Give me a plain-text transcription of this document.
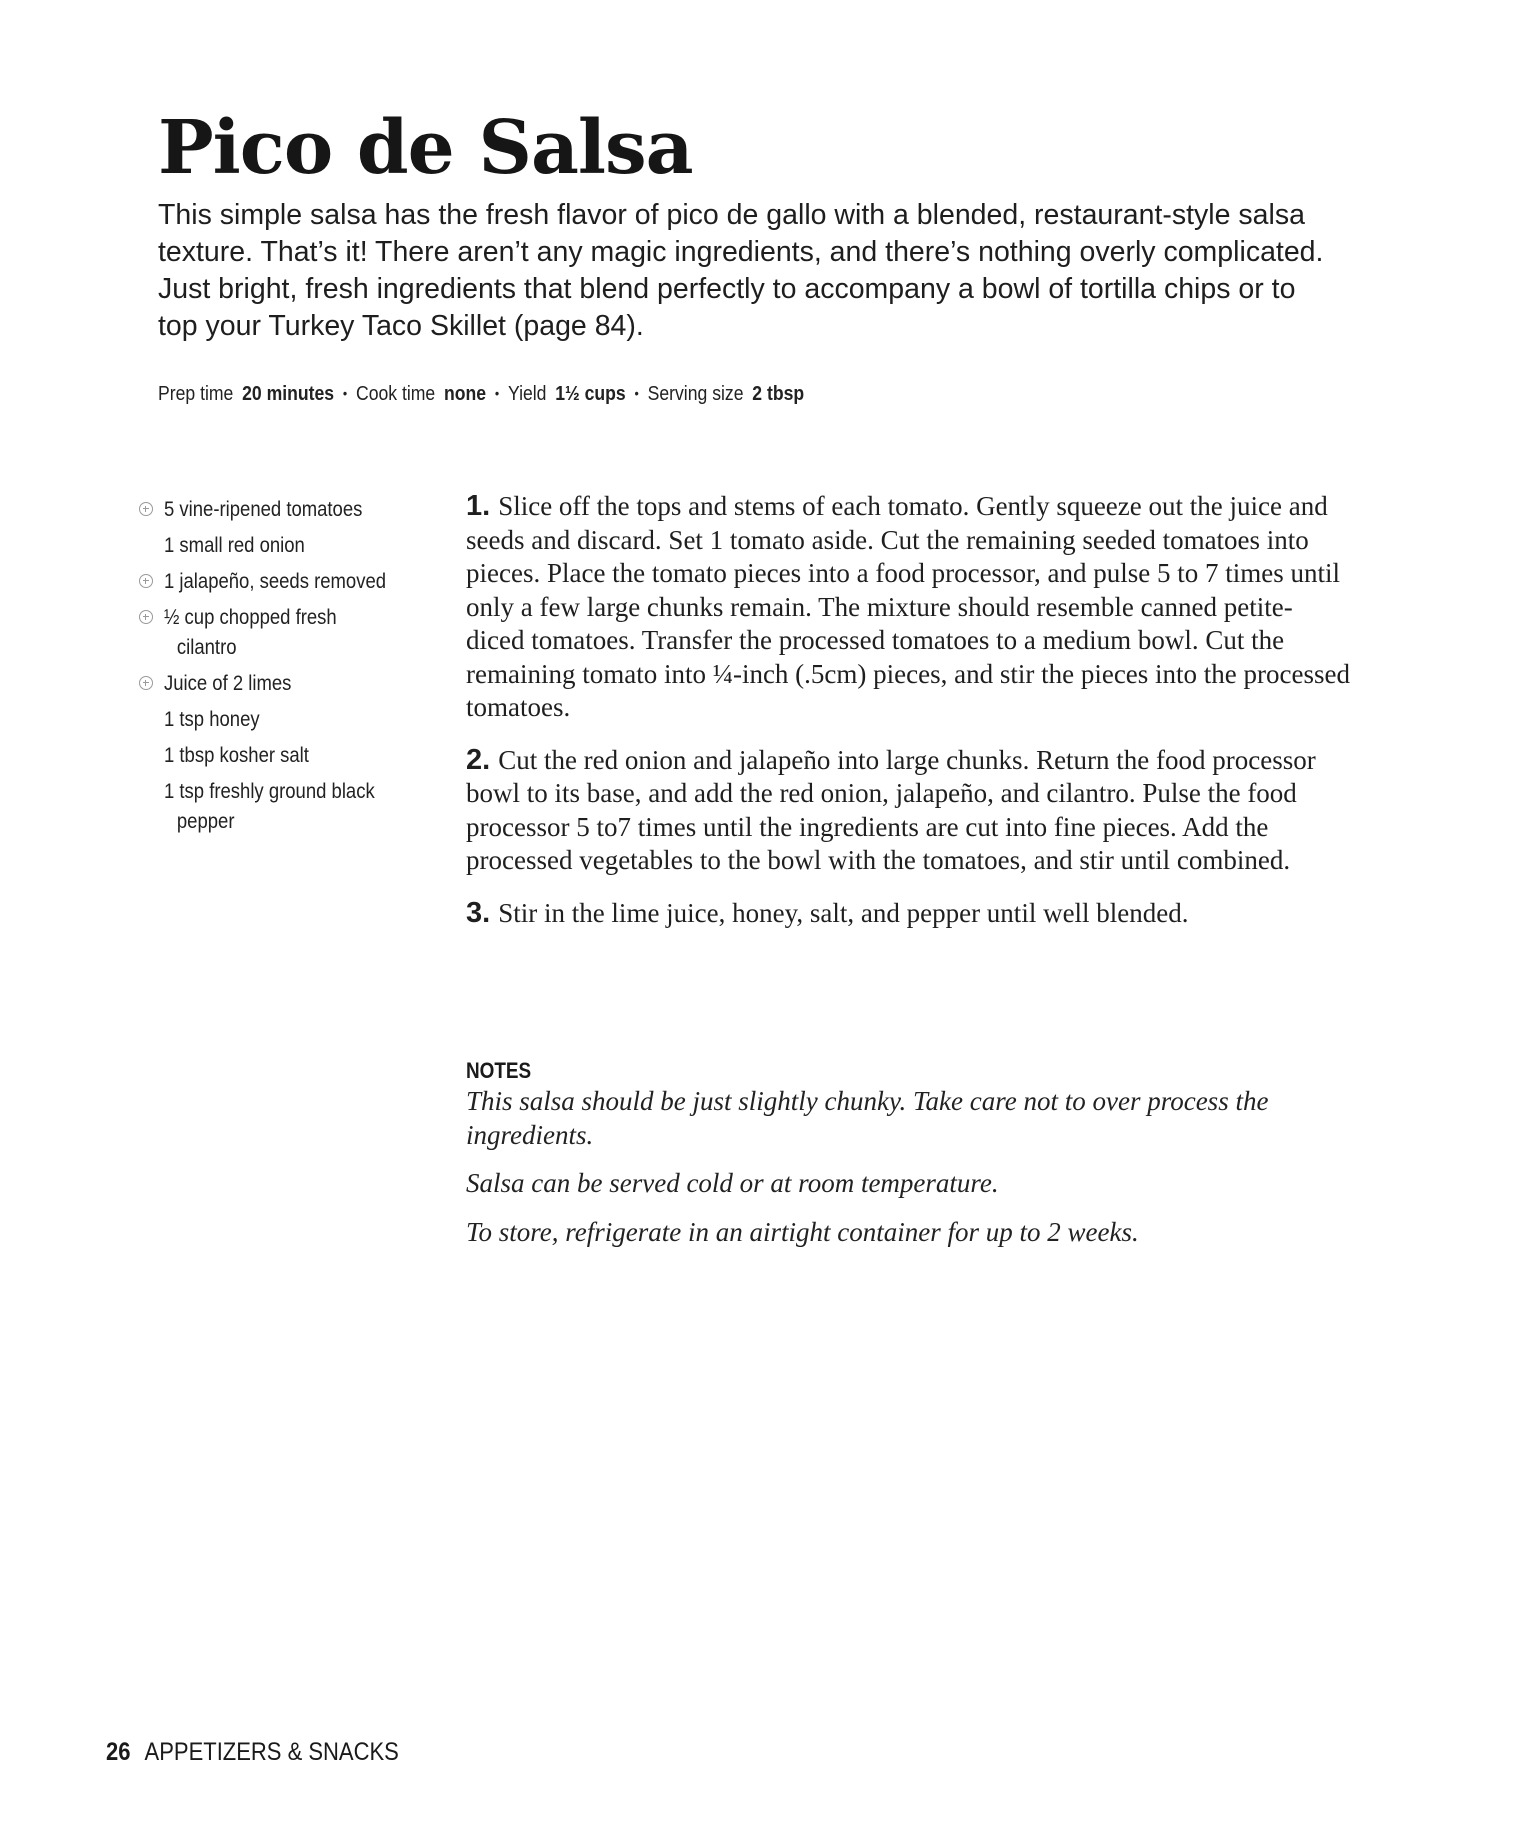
Pico de Salsa

This simple salsa has the fresh flavor of pico de gallo with a blended, restaurant-style salsa texture. That’s it! There aren’t any magic ingredients, and there’s nothing overly complicated. Just bright, fresh ingredients that blend perfectly to accompany a bowl of tortilla chips or to top your Turkey Taco Skillet (page 84).

Prep time 20 minutes • Cook time none • Yield 1½ cups • Serving size 2 tbsp

5 vine-ripened tomatoes
1 small red onion
1 jalapeño, seeds removed
½ cup chopped fresh
cilantro
Juice of 2 limes
1 tsp honey
1 tbsp kosher salt
1 tsp freshly ground black
pepper

1. Slice off the tops and stems of each tomato. Gently squeeze out the juice and seeds and discard. Set 1 tomato aside. Cut the remaining seeded tomatoes into pieces. Place the tomato pieces into a food processor, and pulse 5 to 7 times until only a few large chunks remain. The mixture should resemble canned petite-diced tomatoes. Transfer the processed tomatoes to a medium bowl. Cut the remaining tomato into ¼-inch (.5cm) pieces, and stir the pieces into the processed tomatoes.

2. Cut the red onion and jalapeño into large chunks. Return the food processor bowl to its base, and add the red onion, jalapeño, and cilantro. Pulse the food processor 5 to7 times until the ingredients are cut into fine pieces. Add the processed vegetables to the bowl with the tomatoes, and stir until combined.

3. Stir in the lime juice, honey, salt, and pepper until well blended.

NOTES

This salsa should be just slightly chunky. Take care not to over process the ingredients.

Salsa can be served cold or at room temperature.

To store, refrigerate in an airtight container for up to 2 weeks.

26 APPETIZERS & SNACKS
